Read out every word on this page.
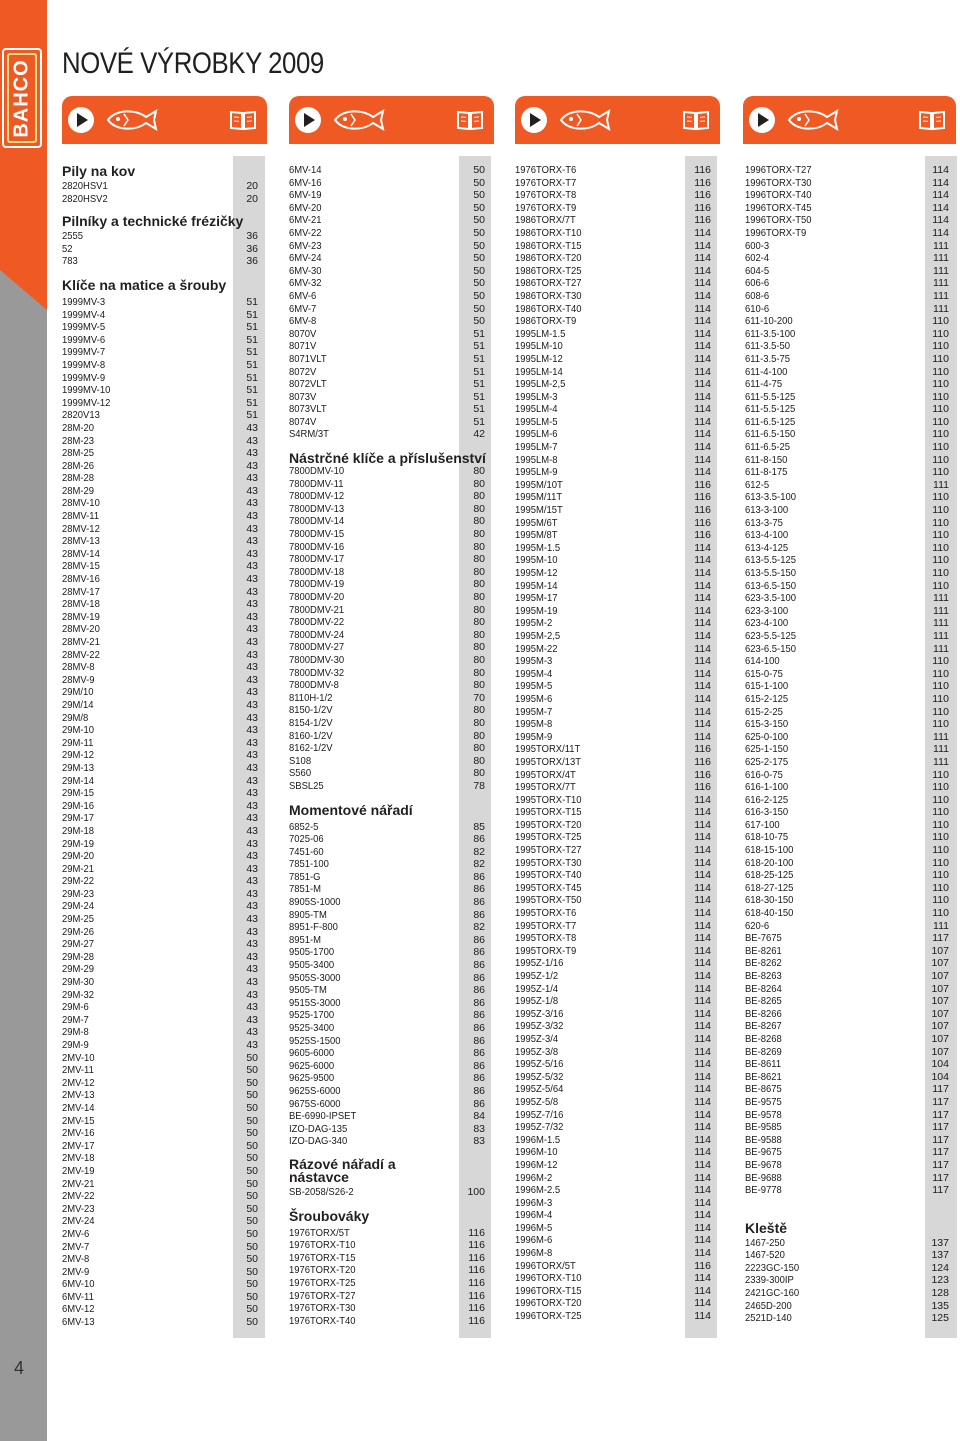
BAHCO
4
NOVÉ VÝROBKY 2009
Pily na kov
2820HSV1	20
2820HSV2	20
Pilníky a technické frézičky
2555	36
52	36
783	36
Klíče na matice a šrouby
1999MV-3	51
1999MV-4	51
1999MV-5	51
1999MV-6	51
1999MV-7	51
1999MV-8	51
1999MV-9	51
1999MV-10	51
1999MV-12	51
2820V13	51
28M-20	43
28M-23	43
28M-25	43
28M-26	43
28M-28	43
28M-29	43
28MV-10	43
28MV-11	43
28MV-12	43
28MV-13	43
28MV-14	43
28MV-15	43
28MV-16	43
28MV-17	43
28MV-18	43
28MV-19	43
28MV-20	43
28MV-21	43
28MV-22	43
28MV-8	43
28MV-9	43
29M/10	43
29M/14	43
29M/8	43
29M-10	43
29M-11	43
29M-12	43
29M-13	43
29M-14	43
29M-15	43
29M-16	43
29M-17	43
29M-18	43
29M-19	43
29M-20	43
29M-21	43
29M-22	43
29M-23	43
29M-24	43
29M-25	43
29M-26	43
29M-27	43
29M-28	43
29M-29	43
29M-30	43
29M-32	43
29M-6	43
29M-7	43
29M-8	43
29M-9	43
2MV-10	50
2MV-11	50
2MV-12	50
2MV-13	50
2MV-14	50
2MV-15	50
2MV-16	50
2MV-17	50
2MV-18	50
2MV-19	50
2MV-21	50
2MV-22	50
2MV-23	50
2MV-24	50
2MV-6	50
2MV-7	50
2MV-8	50
2MV-9	50
6MV-10	50
6MV-11	50
6MV-12	50
6MV-13	50
6MV-14	50
6MV-16	50
6MV-19	50
6MV-20	50
6MV-21	50
6MV-22	50
6MV-23	50
6MV-24	50
6MV-30	50
6MV-32	50
6MV-6	50
6MV-7	50
6MV-8	50
8070V	51
8071V	51
8071VLT	51
8072V	51
8072VLT	51
8073V	51
8073VLT	51
8074V	51
S4RM/3T	42
Nástrčné klíče a příslušenství
7800DMV-10	80
7800DMV-11	80
7800DMV-12	80
7800DMV-13	80
7800DMV-14	80
7800DMV-15	80
7800DMV-16	80
7800DMV-17	80
7800DMV-18	80
7800DMV-19	80
7800DMV-20	80
7800DMV-21	80
7800DMV-22	80
7800DMV-24	80
7800DMV-27	80
7800DMV-30	80
7800DMV-32	80
7800DMV-8	80
8110H-1/2	70
8150-1/2V	80
8154-1/2V	80
8160-1/2V	80
8162-1/2V	80
S108	80
S560	80
SBSL25	78
Momentové nářadí
6852-5	85
7025-06	86
7451-60	82
7851-100	82
7851-G	86
7851-M	86
8905S-1000	86
8905-TM	86
8951-F-800	82
8951-M	86
9505-1700	86
9505-3400	86
9505S-3000	86
9505-TM	86
9515S-3000	86
9525-1700	86
9525-3400	86
9525S-1500	86
9605-6000	86
9625-6000	86
9625-9500	86
9625S-6000	86
9675S-6000	86
BE-6990-IPSET	84
IZO-DAG-135	83
IZO-DAG-340	83
Rázové nářadí a nástavce
SB-2058/S26-2	100
Šroubováky
1976TORX/5T	116
1976TORX-T10	116
1976TORX-T15	116
1976TORX-T20	116
1976TORX-T25	116
1976TORX-T27	116
1976TORX-T30	116
1976TORX-T40	116
1976TORX-T6	116
1976TORX-T7	116
1976TORX-T8	116
1976TORX-T9	116
1986TORX/7T	116
1986TORX-T10	114
1986TORX-T15	114
1986TORX-T20	114
1986TORX-T25	114
1986TORX-T27	114
1986TORX-T30	114
1986TORX-T40	114
1986TORX-T9	114
1995LM-1.5	114
1995LM-10	114
1995LM-12	114
1995LM-14	114
1995LM-2,5	114
1995LM-3	114
1995LM-4	114
1995LM-5	114
1995LM-6	114
1995LM-7	114
1995LM-8	114
1995LM-9	114
1995M/10T	116
1995M/11T	116
1995M/15T	116
1995M/6T	116
1995M/8T	116
1995M-1.5	114
1995M-10	114
1995M-12	114
1995M-14	114
1995M-17	114
1995M-19	114
1995M-2	114
1995M-2,5	114
1995M-22	114
1995M-3	114
1995M-4	114
1995M-5	114
1995M-6	114
1995M-7	114
1995M-8	114
1995M-9	114
1995TORX/11T	116
1995TORX/13T	116
1995TORX/4T	116
1995TORX/7T	116
1995TORX-T10	114
1995TORX-T15	114
1995TORX-T20	114
1995TORX-T25	114
1995TORX-T27	114
1995TORX-T30	114
1995TORX-T40	114
1995TORX-T45	114
1995TORX-T50	114
1995TORX-T6	114
1995TORX-T7	114
1995TORX-T8	114
1995TORX-T9	114
1995Z-1/16	114
1995Z-1/2	114
1995Z-1/4	114
1995Z-1/8	114
1995Z-3/16	114
1995Z-3/32	114
1995Z-3/4	114
1995Z-3/8	114
1995Z-5/16	114
1995Z-5/32	114
1995Z-5/64	114
1995Z-5/8	114
1995Z-7/16	114
1995Z-7/32	114
1996M-1.5	114
1996M-10	114
1996M-12	114
1996M-2	114
1996M-2.5	114
1996M-3	114
1996M-4	114
1996M-5	114
1996M-6	114
1996M-8	114
1996TORX/5T	116
1996TORX-T10	114
1996TORX-T15	114
1996TORX-T20	114
1996TORX-T25	114
1996TORX-T27	114
1996TORX-T30	114
1996TORX-T40	114
1996TORX-T45	114
1996TORX-T50	114
1996TORX-T9	114
600-3	111
602-4	111
604-5	111
606-6	111
608-6	111
610-6	111
611-10-200	110
611-3.5-100	110
611-3.5-50	110
611-3.5-75	110
611-4-100	110
611-4-75	110
611-5.5-125	110
611-5.5-125	110
611-6.5-125	110
611-6.5-150	110
611-6.5-25	110
611-8-150	110
611-8-175	110
612-5	111
613-3.5-100	110
613-3-100	110
613-3-75	110
613-4-100	110
613-4-125	110
613-5.5-125	110
613-5.5-150	110
613-6.5-150	110
623-3.5-100	111
623-3-100	111
623-4-100	111
623-5.5-125	111
623-6.5-150	111
614-100	110
615-0-75	110
615-1-100	110
615-2-125	110
615-2-25	110
615-3-150	110
625-0-100	111
625-1-150	111
625-2-175	111
616-0-75	110
616-1-100	110
616-2-125	110
616-3-150	110
617-100	110
618-10-75	110
618-15-100	110
618-20-100	110
618-25-125	110
618-27-125	110
618-30-150	110
618-40-150	110
620-6	111
BE-7675	117
BE-8261	107
BE-8262	107
BE-8263	107
BE-8264	107
BE-8265	107
BE-8266	107
BE-8267	107
BE-8268	107
BE-8269	107
BE-8611	104
BE-8621	104
BE-8675	117
BE-9575	117
BE-9578	117
BE-9585	117
BE-9588	117
BE-9675	117
BE-9678	117
BE-9688	117
BE-9778	117
Kleště
1467-250	137
1467-520	137
2223GC-150	124
2339-300IP	123
2421GC-160	128
2465D-200	135
2521D-140	125
